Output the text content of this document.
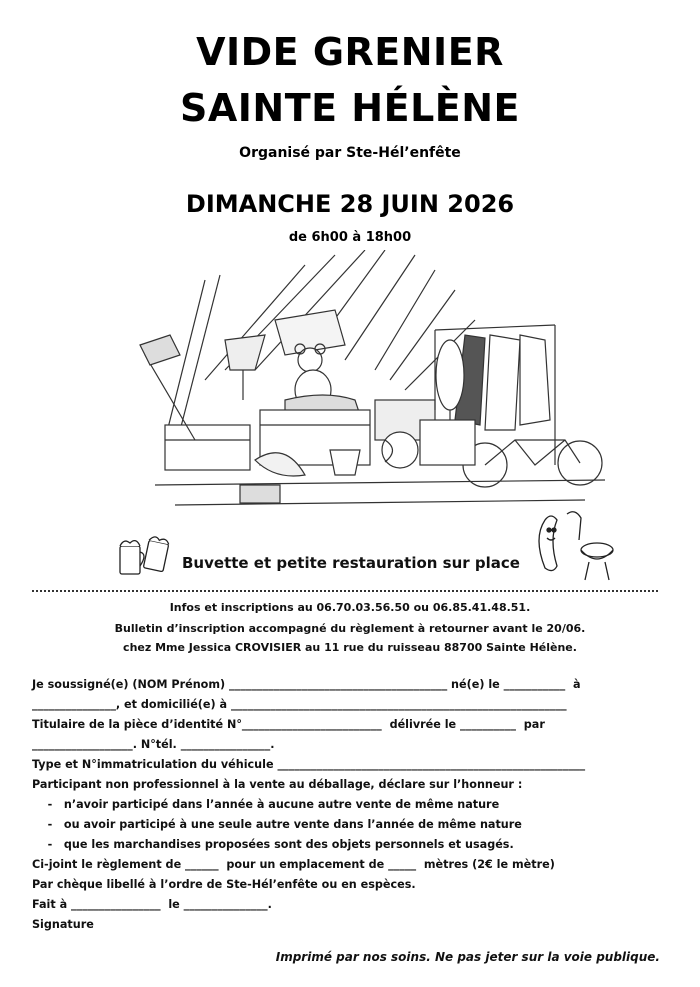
VIDE GRENIER
SAINTE HÉLÈNE
Organisé par Ste-Hél’enfête
DIMANCHE 28 JUIN 2026
de 6h00 à 18h00
Buvette et petite restauration sur place
Infos et inscriptions au 06.70.03.56.50 ou 06.85.41.48.51.
Bulletin d’inscription accompagné du règlement à retourner avant le 20/06.
chez Mme Jessica CROVISIER au 11 rue du ruisseau 88700 Sainte Hélène.
Je soussigné(e) (NOM Prénom) _______________________________________ né(e) le ___________  à
_______________, et domicilié(e) à ____________________________________________________________
Titulaire de la pièce d’identité N°_________________________  délivrée le __________  par
__________________. N°tél. ________________.
Type et N°immatriculation du véhicule _______________________________________________________
Participant non professionnel à la vente au déballage, déclare sur l’honneur :
-   n’avoir participé dans l’année à aucune autre vente de même nature
-   ou avoir participé à une seule autre vente dans l’année de même nature
-   que les marchandises proposées sont des objets personnels et usagés.
Ci-joint le règlement de ______  pour un emplacement de _____  mètres (2€ le mètre)
Par chèque libellé à l’ordre de Ste-Hél’enfête ou en espèces.
Fait à ________________  le _______________.
Signature
Imprimé par nos soins. Ne pas jeter sur la voie publique.
